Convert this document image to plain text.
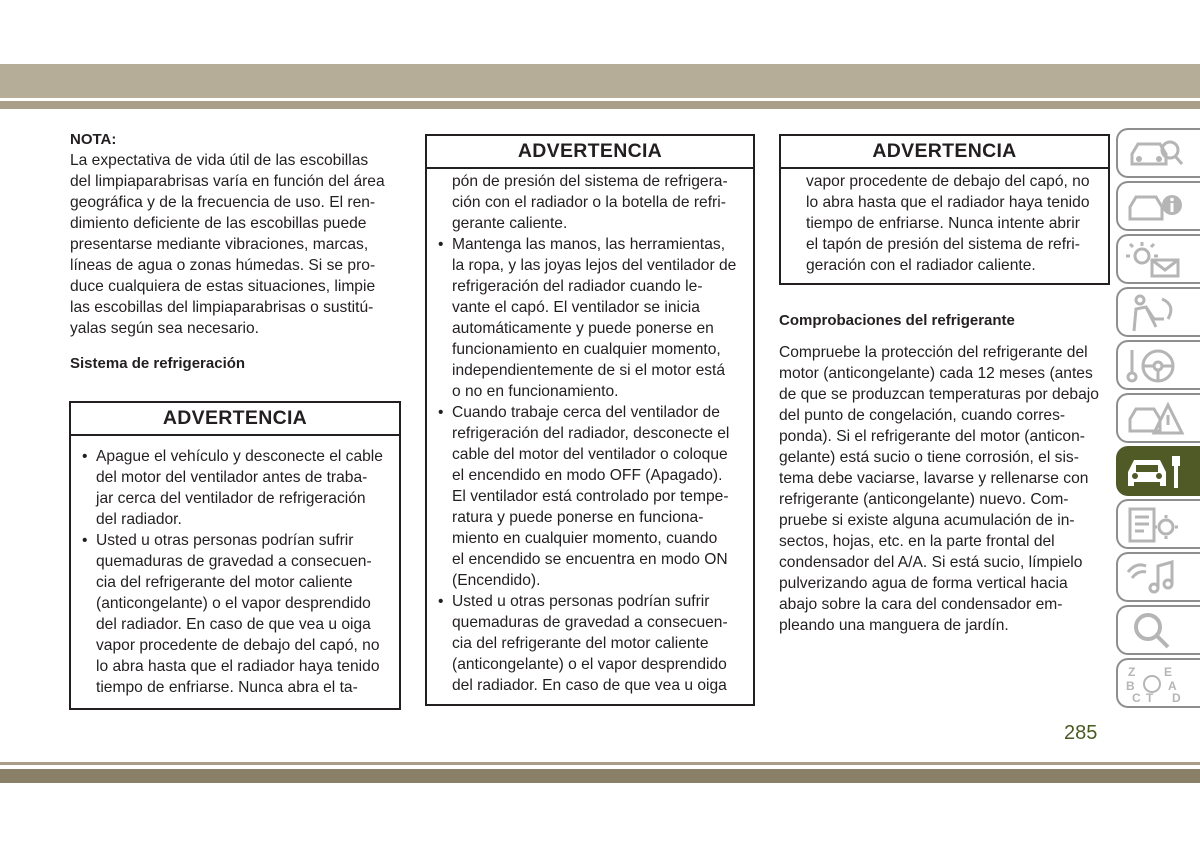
NOTA:

La expectativa de vida útil de las escobillas
del limpiaparabrisas varía en función del área
geográfica y de la frecuencia de uso. El ren-
dimiento deficiente de las escobillas puede
presentarse mediante vibraciones, marcas,
líneas de agua o zonas húmedas. Si se pro-
duce cualquiera de estas situaciones, limpie
las escobillas del limpiaparabrisas o sustitú-
yalas según sea necesario.

Sistema de refrigeración
ADVERTENCIA
• Apague el vehículo y desconecte el cable
del motor del ventilador antes de traba-
jar cerca del ventilador de refrigeración
del radiador.
• Usted u otras personas podrían sufrir
quemaduras de gravedad a consecuen-
cia del refrigerante del motor caliente
(anticongelante) o el vapor desprendido
del radiador. En caso de que vea u oiga
vapor procedente de debajo del capó, no
lo abra hasta que el radiador haya tenido
tiempo de enfriarse. Nunca abra el ta-
ADVERTENCIA
pón de presión del sistema de refrigera-
ción con el radiador o la botella de refri-
gerante caliente.
• Mantenga las manos, las herramientas,
la ropa, y las joyas lejos del ventilador de
refrigeración del radiador cuando le-
vante el capó. El ventilador se inicia
automáticamente y puede ponerse en
funcionamiento en cualquier momento,
independientemente de si el motor está
o no en funcionamiento.
• Cuando trabaje cerca del ventilador de
refrigeración del radiador, desconecte el
cable del motor del ventilador o coloque
el encendido en modo OFF (Apagado).
El ventilador está controlado por tempe-
ratura y puede ponerse en funciona-
miento en cualquier momento, cuando
el encendido se encuentra en modo ON
(Encendido).
• Usted u otras personas podrían sufrir
quemaduras de gravedad a consecuen-
cia del refrigerante del motor caliente
(anticongelante) o el vapor desprendido
del radiador. En caso de que vea u oiga
ADVERTENCIA
vapor procedente de debajo del capó, no
lo abra hasta que el radiador haya tenido
tiempo de enfriarse. Nunca intente abrir
el tapón de presión del sistema de refri-
geración con el radiador caliente.
Comprobaciones del refrigerante

Compruebe la protección del refrigerante del
motor (anticongelante) cada 12 meses (antes
de que se produzcan temperaturas por debajo
del punto de congelación, cuando corres-
ponda). Si el refrigerante del motor (anticon-
gelante) está sucio o tiene corrosión, el sis-
tema debe vaciarse, lavarse y rellenarse con
refrigerante (anticongelante) nuevo. Com-
pruebe si existe alguna acumulación de in-
sectos, hojas, etc. en la parte frontal del
condensador del A/A. Si está sucio, límpielo
pulverizando agua de forma vertical hacia
abajo sobre la cara del condensador em-
pleando una manguera de jardín.

Z E
B	A
C T D
285
